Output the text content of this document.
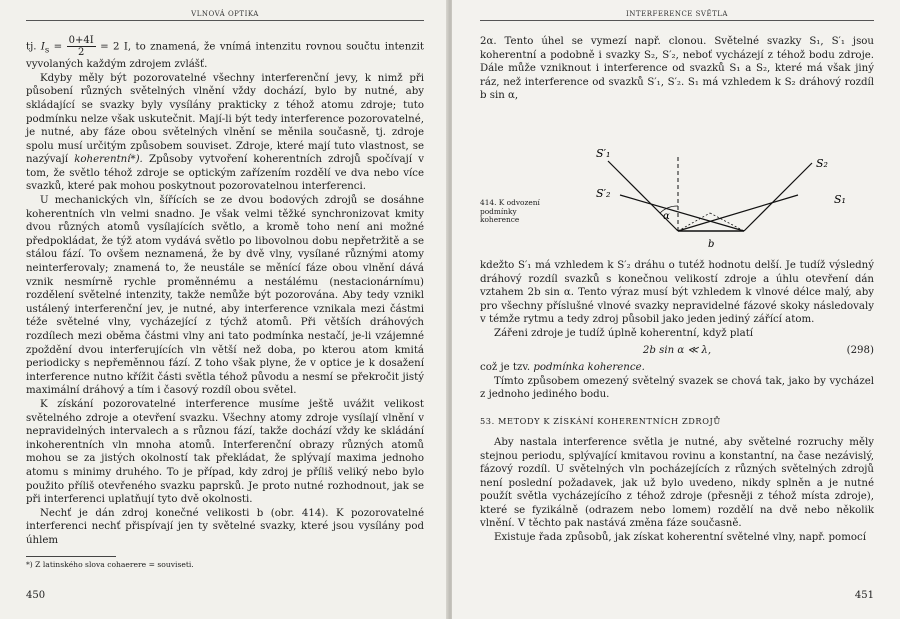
VLNOVÁ OPTIKA

tj. $I_s = \frac{0+4I}{2} = 2$ I, to znamená, že vnímá intenzitu rovnou součtu intenzit vyvolaných každým zdrojem zvlášť.

Kdyby měly být pozorovatelné všechny interferenční jevy, k nimž při působení různých světelných vlnění vždy dochází, bylo by nutné, aby skládající se svazky byly vysílány prakticky z téhož atomu zdroje; tuto podmínku nelze však uskutečnit. Mají-li být tedy interference pozorovatelné, je nutné, aby fáze obou světelných vlnění se měnila současně, tj. zdroje spolu musí určitým způsobem souviset. Zdroje, které mají tuto vlastnost, se nazývají koherentní*). Způsoby vytvoření koherentních zdrojů spočívají v tom, že světlo téhož zdroje se optickým zařízením rozdělí ve dva nebo více svazků, které pak mohou poskytnout pozorovatelnou interferenci.

U mechanických vln, šířících se ze dvou bodových zdrojů se dosáhne koherentních vln velmi snadno. Je však velmi těžké synchronizovat kmity dvou různých atomů vysílajících světlo, a kromě toho není ani možné předpokládat, že týž atom vydává světlo po libovolnou dobu nepřetržitě a se stálou fází. To ovšem neznamená, že by dvě vlny, vysílané různými atomy neinterferovaly; znamená to, že neustále se měnící fáze obou vlnění dává vznik nesmírně rychle proměnnému a nestálému (nestacionárnímu) rozdělení světelné intenzity, takže nemůže být pozorována. Aby tedy vznikl ustálený interferenční jev, je nutné, aby interference vznikala mezi částmi téže světelné vlny, vycházející z týchž atomů. Při větších dráhových rozdílech mezi oběma částmi vlny ani tato podmínka nestačí, je-li vzájemné zpoždění dvou interferujících vln větší než doba, po kterou atom kmitá periodicky s nepřeměnnou fází. Z toho však plyne, že v optice je k dosažení interference nutno křížit části světla téhož původu a nesmí se překročit jistý maximální dráhový a tím i časový rozdíl obou světel.

K získání pozorovatelné interference musíme ještě uvážit velikost světelného zdroje a otevření svazku. Všechny atomy zdroje vysílají vlnění v nepravidelných intervalech a s různou fází, takže dochází vždy ke skládání inkoherentních vln mnoha atomů. Interferenční obrazy různých atomů mohou se za jistých okolností tak překládat, že splývají maxima jednoho atomu s minimy druhého. To je případ, kdy zdroj je příliš veliký nebo bylo použito příliš otevřeného svazku paprsků. Je proto nutné rozhodnout, jak se při interferenci uplatňují tyto dvě okolnosti.

Nechť je dán zdroj konečné velikosti b (obr. 414). K pozorovatelné interferenci nechť přispívají jen ty světelné svazky, které jsou vysílány pod úhlem

*) Z latinského slova cohaerere = souviseti.

450
INTERFERENCE SVĚTLA

2α. Tento úhel se vymezí např. clonou. Světelné svazky S₁, S′₁ jsou koherentní a podobně i svazky S₂, S′₂, neboť vycházejí z téhož bodu zdroje. Dále může vzniknout i interference od svazků S₁ a S₂, které má však jiný ráz, než interference od svazků S′₁, S′₂. S₁ má vzhledem k S₂ dráhový rozdíl b sin α,

S′₁
S′₂
S₂
S₁
α
b
414. K odvození podmínky koherence

kdežto S′₁ má vzhledem k S′₂ dráhu o tutéž hodnotu delší. Je tudíž výsledný dráhový rozdíl svazků s konečnou velikostí zdroje a úhlu otevření dán vztahem 2b sin α. Tento výraz musí být vzhledem k vlnové délce malý, aby pro všechny příslušné vlnové svazky nepravidelné fázové skoky následovaly v témže rytmu a tedy zdroj působil jako jeden jediný zářící atom.

Zářeni zdroje je tudíž úplně koherentní, když platí

2b sin α ≪ λ,	(298)

což je tzv. podmínka koherence.

Tímto způsobem omezený světelný svazek se chová tak, jako by vycházel z jednoho jediného bodu.

53. METODY K ZÍSKÁNÍ KOHERENTNÍCH ZDROJŮ

Aby nastala interference světla je nutné, aby světelné rozruchy měly stejnou periodu, splývající kmitavou rovinu a konstantní, na čase nezávislý, fázový rozdíl. U světelných vln pocházejících z různých světelných zdrojů není poslední požadavek, jak už bylo uvedeno, nikdy splněn a je nutné použít světla vycházejícího z téhož zdroje (přesněji z téhož místa zdroje), které se fyzikálně (odrazem nebo lomem) rozdělí na dvě nebo několik vlnění. V těchto pak nastává změna fáze současně.

Existuje řada způsobů, jak získat koherentní světelné vlny, např. pomocí

451
